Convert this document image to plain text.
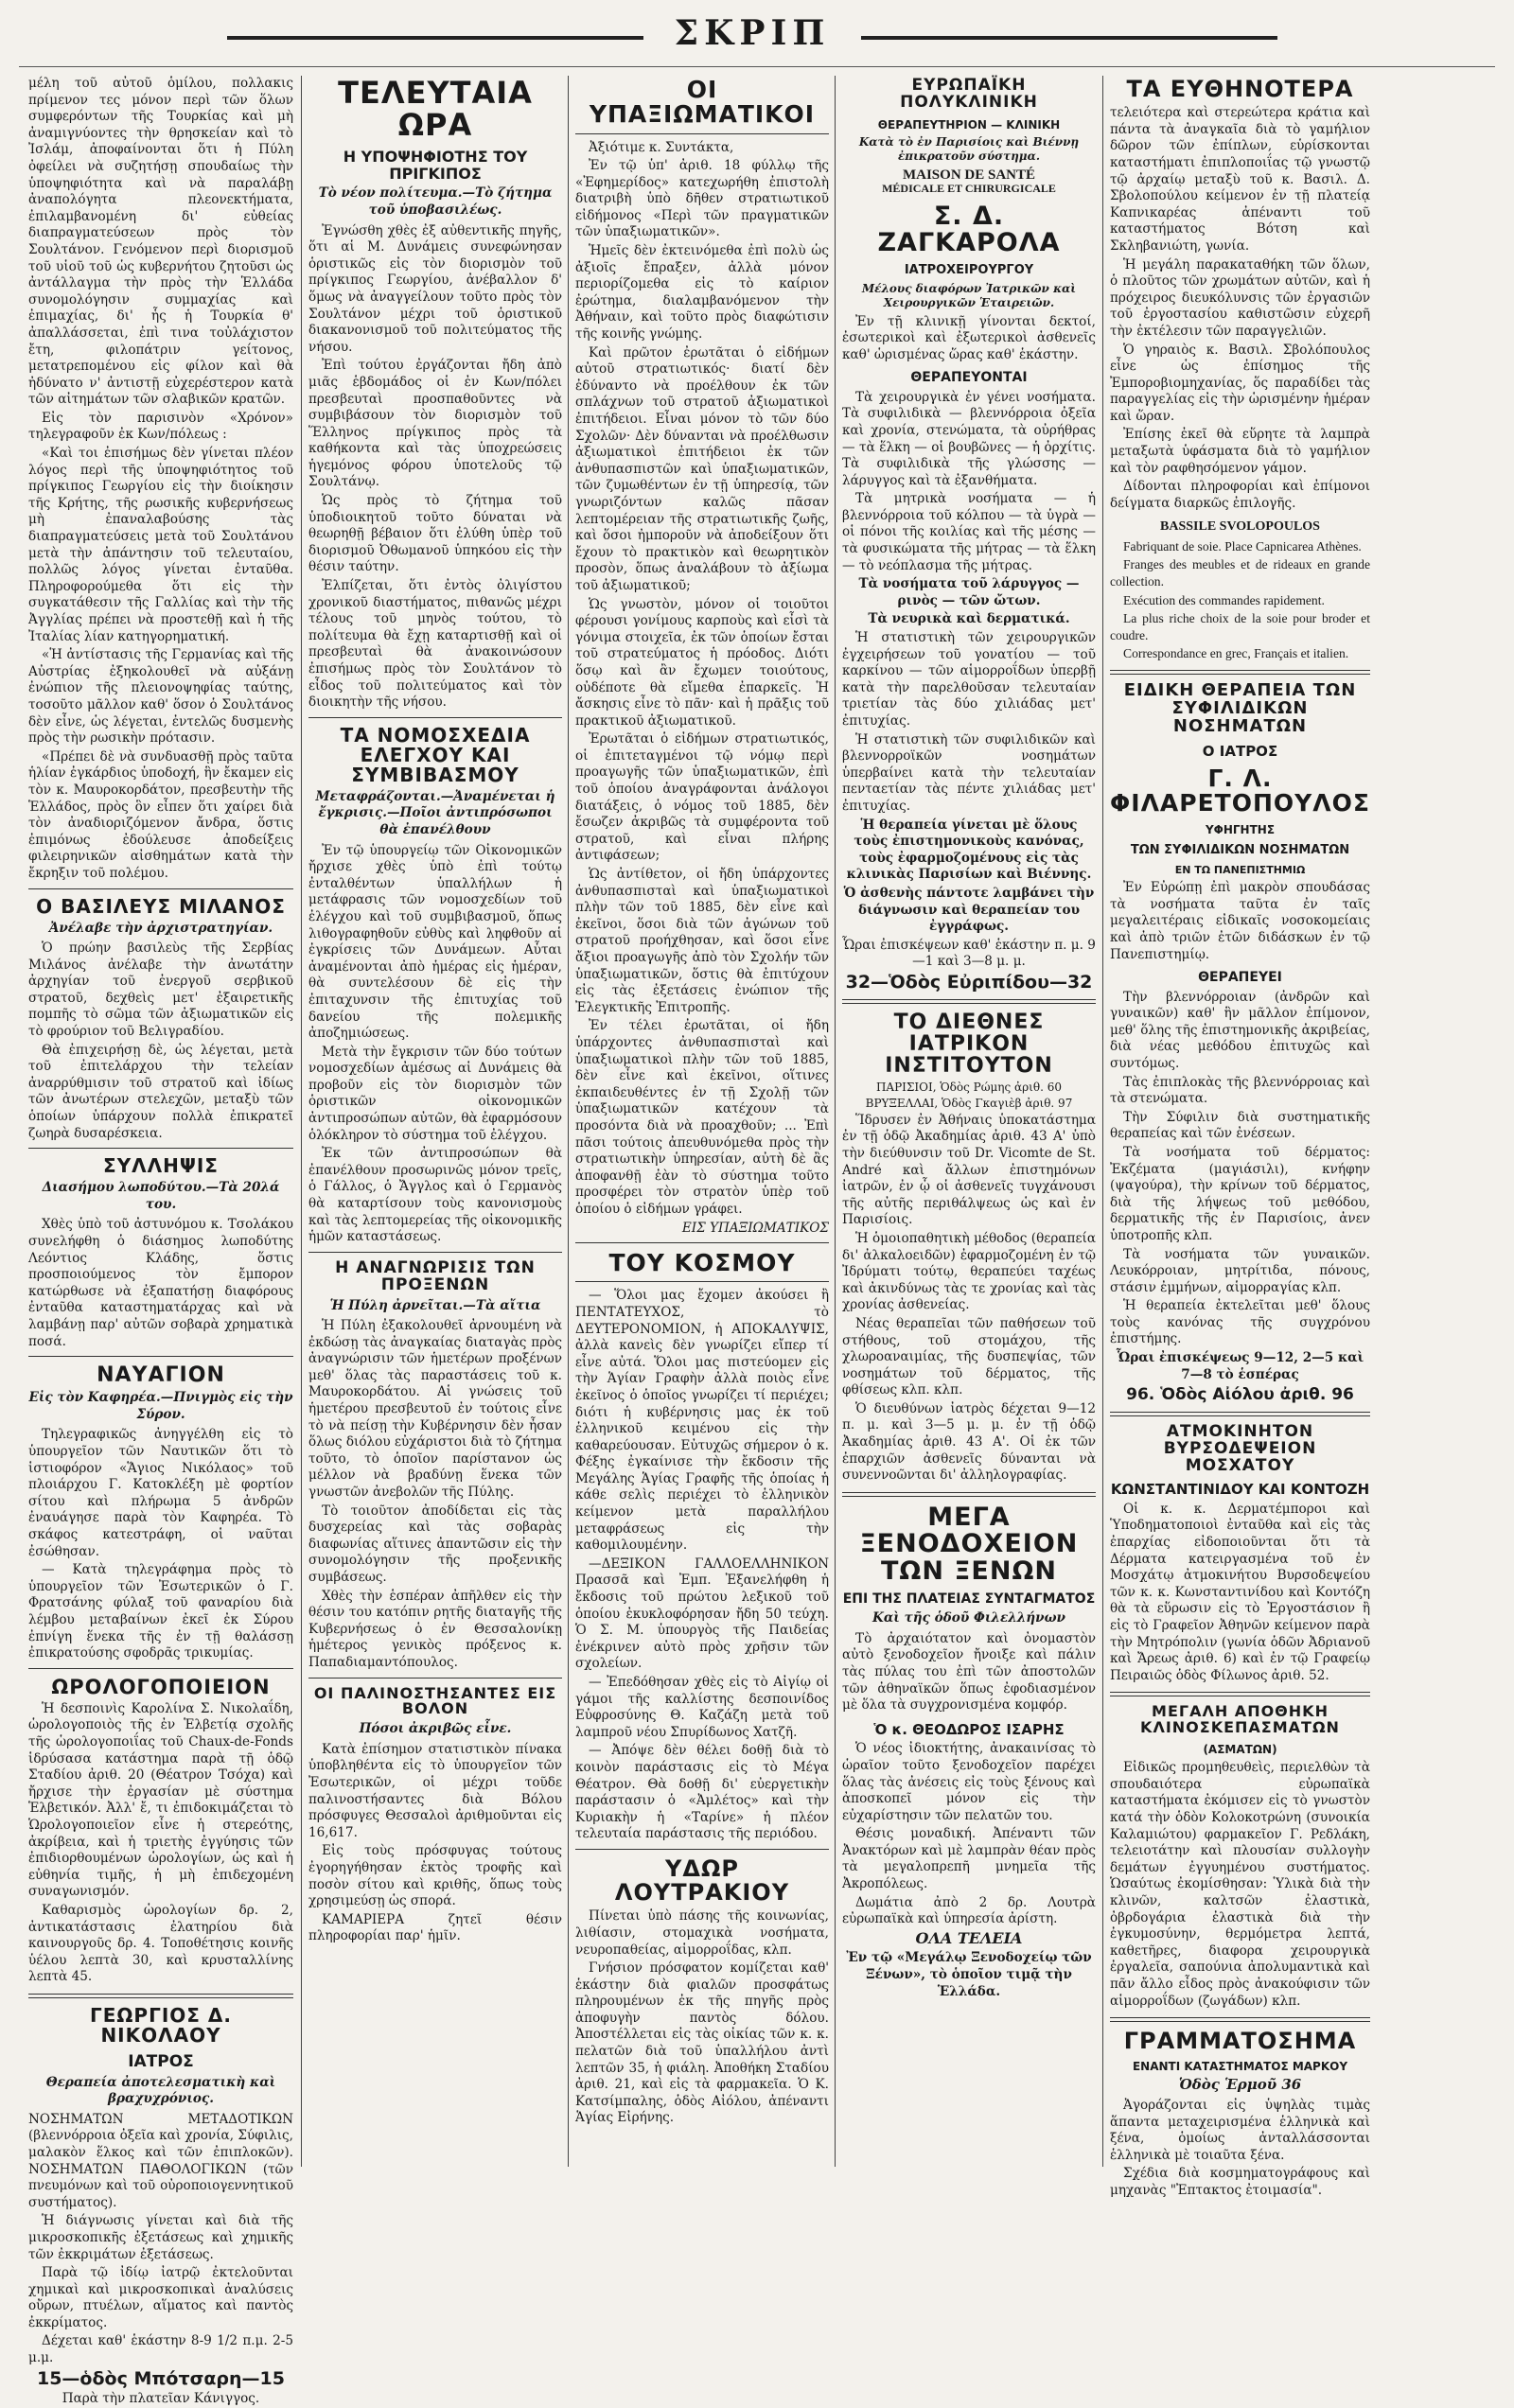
ΣΚΡΙΠ

μέλη τοῦ αὐτοῦ ὁμίλου, πολλακις πρίμενον τες μόνον περὶ τῶν ὅλων συμφερόντων τῆς Τουρκίας καὶ μὴ ἀναμιγνύοντες τὴν θρησκείαν καὶ τὸ Ἰσλάμ, ἀποφαίνονται ὅτι ἡ Πύλη ὀφείλει νὰ συζητήσῃ σπουδαίως τὴν ὑποψηφιότητα καὶ νὰ παραλάβῃ ἀναπολόγητα πλεονεκτήματα, ἐπιλαμβανομένη δι' εὐθείας διαπραγματεύσεων πρὸς τὸν Σουλτάνον. Γενόμενον περὶ διορισμοῦ τοῦ υἱοῦ τοῦ ὡς κυβερνήτου ζητοῦσι ὡς ἀντάλλαγμα τὴν πρὸς τὴν Ἑλλάδα συνομολόγησιν συμμαχίας καὶ ἐπιμαχίας, δι' ἧς ἡ Τουρκία θ' ἀπαλλάσσεται, ἐπὶ τινα τοὐλάχιστον ἔτη, φιλοπάτριν γείτονος, μετατρεπομένου εἰς φίλον καὶ θὰ ἠδύνατο ν' ἀντιστῇ εὐχερέστερον κατὰ τῶν αἰτημάτων τῶν σλαβικῶν κρατῶν.

Εἰς τὸν παρισινὸν «Χρόνον» τηλεγραφοῦν ἐκ Κων/πόλεως :

«Καὶ τοι ἐπισήμως δὲν γίνεται πλέον λόγος περὶ τῆς ὑποψηφιότητος τοῦ πρίγκιπος Γεωργίου εἰς τὴν διοίκησιν τῆς Κρήτης, τῆς ρωσικῆς κυβερνήσεως μὴ ἐπαναλαβούσης τὰς διαπραγματεύσεις μετὰ τοῦ Σουλτάνου μετὰ τὴν ἀπάντησιν τοῦ τελευταίου, πολλῶς λόγος γίνεται ἐνταῦθα. Πληροφορούμεθα ὅτι εἰς τὴν συγκατάθεσιν τῆς Γαλλίας καὶ τὴν τῆς Ἀγγλίας πρέπει νὰ προστεθῇ καὶ ἡ τῆς Ἰταλίας λίαν κατηγορηματική.

«Ἡ ἀντίστασις τῆς Γερμανίας καὶ τῆς Αὐστρίας ἐξηκολουθεῖ νὰ αὐξάνῃ ἐνώπιον τῆς πλειονοψηφίας ταύτης, τοσοῦτο μᾶλλον καθ' ὅσον ὁ Σουλτάνος δὲν εἶνε, ὡς λέγεται, ἐντελῶς δυσμενὴς πρὸς τὴν ρωσικὴν πρότασιν.

«Πρέπει δὲ νὰ συνδυασθῇ πρὸς ταῦτα ἡλίαν ἐγκάρδιος ὑποδοχή, ἣν ἔκαμεν εἰς τὸν κ. Μαυροκορδάτον, πρεσβευτὴν τῆς Ἑλλάδος, πρὸς ὃν εἶπεν ὅτι χαίρει διὰ τὸν ἀναδιοριζόμενον ἄνδρα, ὅστις ἐπιμόνως ἐδούλευσε ἀποδείξεις φιλειρηνικῶν αἰσθημάτων κατὰ τὴν ἔκρηξιν τοῦ πολέμου.

Ο ΒΑΣΙΛΕΥΣ ΜΙΛΑΝΟΣ
Ἀνέλαβε τὴν ἀρχιστρατηγίαν.

Ὁ πρώην βασιλεὺς τῆς Σερβίας Μιλάνος ἀνέλαβε τὴν ἀνωτάτην ἀρχηγίαν τοῦ ἐνεργοῦ σερβικοῦ στρατοῦ, δεχθεὶς μετ' ἐξαιρετικῆς πομπῆς τὸ σῶμα τῶν ἀξιωματικῶν εἰς τὸ φρούριον τοῦ Βελιγραδίου.

Θὰ ἐπιχειρήσῃ δὲ, ὡς λέγεται, μετὰ τοῦ ἐπιτελάρχου τὴν τελείαν ἀναρρύθμισιν τοῦ στρατοῦ καὶ ἰδίως τῶν ἀνωτέρων στελεχῶν, μεταξὺ τῶν ὁποίων ὑπάρχουν πολλὰ ἐπικρατεῖ ζωηρὰ δυσαρέσκεια.

ΣΥΛΛΗΨΙΣ
Διασήμου λωποδύτου.—Τὰ 20λά του.

Χθὲς ὑπὸ τοῦ ἀστυνόμου κ. Τσολάκου συνελήφθη ὁ διάσημος λωποδύτης Λεόντιος Κλάδης, ὅστις προσποιούμενος τὸν ἔμπορον κατώρθωσε νὰ ἐξαπατήσῃ διαφόρους ἐνταῦθα καταστηματάρχας καὶ νὰ λαμβάνῃ παρ' αὐτῶν σοβαρὰ χρηματικὰ ποσά.

ΝΑΥΑΓΙΟΝ
Εἰς τὸν Καφηρέα.—Πνιγμὸς εἰς τὴν Σύρον.

Τηλεγραφικῶς ἀνηγγέλθη εἰς τὸ ὑπουργεῖον τῶν Ναυτικῶν ὅτι τὸ ἱστιοφόρον «Ἅγιος Νικόλαος» τοῦ πλοιάρχου Γ. Κατοκλέξη μὲ φορτίον σίτου καὶ πλήρωμα 5 ἀνδρῶν ἐναυάγησε παρὰ τὸν Καφηρέα. Τὸ σκάφος κατεστράφη, οἱ ναῦται ἐσώθησαν.

— Κατὰ τηλεγράφημα πρὸς τὸ ὑπουργεῖον τῶν Ἐσωτερικῶν ὁ Γ. Φρατσάνης φύλαξ τοῦ φαναρίου διὰ λέμβου μεταβαίνων ἐκεῖ ἐκ Σύρου ἐπνίγη ἕνεκα τῆς ἐν τῇ θαλάσσῃ ἐπικρατούσης σφοδρᾶς τρικυμίας.

ΩΡΟΛΟΓΟΠΟΙΕΙΟΝ

Ἡ δεσποινὶς Καρολίνα Σ. Νικολαΐδη, ὡρολογοποιὸς τῆς ἐν Ἑλβετίᾳ σχολῆς τῆς ὡρολογοποιΐας τοῦ Chaux-de-Fonds ἱδρύσασα κατάστημα παρὰ τῇ ὁδῷ Σταδίου ἀριθ. 20 (Θέατρον Τσόχα) καὶ ἤρχισε τὴν ἐργασίαν μὲ σύστημα Ἑλβετικόν. Ἀλλ' ἔ, τι ἐπιδοκιμάζεται τὸ Ὡρολογοποιεῖον εἶνε ἡ στερεότης, ἀκρίβεια, καὶ ἡ τριετὴς ἐγγύησις τῶν ἐπιδιορθουμένων ὡρολογίων, ὡς καὶ ἡ εὐθηνία τιμῆς, ἡ μὴ ἐπιδεχομένη συναγωνισμόν.

Καθαρισμὸς ὡρολογίων δρ. 2, ἀντικατάστασις ἐλατηρίου διὰ καινουργοῦς δρ. 4. Τοποθέτησις κοινῆς ὑέλου λεπτὰ 30, καὶ κρυσταλλίνης λεπτὰ 45.

ΓΕΩΡΓΙΟΣ Δ. ΝΙΚΟΛΑΟΥ
ΙΑΤΡΟΣ
Θεραπεία ἀποτελεσματικὴ καὶ βραχυχρόνιος.

ΝΟΣΗΜΑΤΩΝ ΜΕΤΑΔΟΤΙΚΩΝ (βλεννόρροια ὀξεῖα καὶ χρονία, Σύφιλις, μαλακὸν ἕλκος καὶ τῶν ἐπιπλοκῶν). ΝΟΣΗΜΑΤΩΝ ΠΑΘΟΛΟΓΙΚΩΝ (τῶν πνευμόνων καὶ τοῦ οὐροποιογεννητικοῦ συστήματος).

Ἡ διάγνωσις γίνεται καὶ διὰ τῆς μικροσκοπικῆς ἐξετάσεως καὶ χημικῆς τῶν ἐκκριμάτων ἐξετάσεως.

Παρὰ τῷ ἰδίῳ ἰατρῷ ἐκτελοῦνται χημικαὶ καὶ μικροσκοπικαὶ ἀναλύσεις οὔρων, πτυέλων, αἵματος καὶ παντὸς ἐκκρίματος.

Δέχεται καθ' ἑκάστην 8-9 1/2 π.μ. 2-5 μ.μ.

15—ὁδὸς Μπότσαρη—15

Παρὰ τὴν πλατεῖαν Κάνιγγος.

ΤΕΛΕΥΤΑΙΑ ΩΡΑ
Η ΥΠΟΨΗΦΙΟΤΗΣ ΤΟΥ ΠΡΙΓΚΙΠΟΣ
Τὸ νέον πολίτευμα.—Τὸ ζήτημα τοῦ ὑποβασιλέως.

Ἐγνώσθη χθὲς ἐξ αὐθεντικῆς πηγῆς, ὅτι αἱ Μ. Δυνάμεις συνεφώνησαν ὁριστικῶς εἰς τὸν διορισμὸν τοῦ πρίγκιπος Γεωργίου, ἀνέβαλλον δ' ὅμως νὰ ἀναγγείλουν τοῦτο πρὸς τὸν Σουλτάνον μέχρι τοῦ ὁριστικοῦ διακανονισμοῦ τοῦ πολιτεύματος τῆς νήσου.

Ἐπὶ τούτου ἐργάζονται ἤδη ἀπὸ μιᾶς ἑβδομάδος οἱ ἐν Κων/πόλει πρεσβευταὶ προσπαθοῦντες νὰ συμβιβάσουν τὸν διορισμὸν τοῦ Ἕλληνος πρίγκιπος πρὸς τὰ καθήκοντα καὶ τὰς ὑποχρεώσεις ἡγεμόνος φόρου ὑποτελοῦς τῷ Σουλτάνῳ.

Ὡς πρὸς τὸ ζήτημα τοῦ ὑποδιοικητοῦ τοῦτο δύναται νὰ θεωρηθῇ βέβαιον ὅτι ἐλύθη ὑπὲρ τοῦ διορισμοῦ Ὀθωμανοῦ ὑπηκόου εἰς τὴν θέσιν ταύτην.

Ἐλπίζεται, ὅτι ἐντὸς ὀλιγίστου χρονικοῦ διαστήματος, πιθανῶς μέχρι τέλους τοῦ μηνὸς τούτου, τὸ πολίτευμα θὰ ἔχῃ καταρτισθῇ καὶ οἱ πρεσβευταὶ θὰ ἀνακοινώσουν ἐπισήμως πρὸς τὸν Σουλτάνον τὸ εἶδος τοῦ πολιτεύματος καὶ τὸν διοικητὴν τῆς νήσου.

ΤΑ ΝΟΜΟΣΧΕΔΙΑ ΕΛΕΓΧΟΥ ΚΑΙ ΣΥΜΒΙΒΑΣΜΟΥ
Μεταφράζονται.—Ἀναμένεται ἡ ἔγκρισις.—Ποῖοι ἀντιπρόσωποι θὰ ἐπανέλθουν

Ἐν τῷ ὑπουργείῳ τῶν Οἰκονομικῶν ἤρχισε χθὲς ὑπὸ ἐπὶ τούτῳ ἐνταλθέντων ὑπαλλήλων ἡ μετάφρασις τῶν νομοσχεδίων τοῦ ἐλέγχου καὶ τοῦ συμβιβασμοῦ, ὅπως λιθογραφηθοῦν εὐθὺς καὶ ληφθοῦν αἱ ἐγκρίσεις τῶν Δυνάμεων. Αὗται ἀναμένονται ἀπὸ ἡμέρας εἰς ἡμέραν, θὰ συντελέσουν δὲ εἰς τὴν ἐπιταχυνσιν τῆς ἐπιτυχίας τοῦ δανείου τῆς πολεμικῆς ἀποζημιώσεως.

Μετὰ τὴν ἔγκρισιν τῶν δύο τούτων νομοσχεδίων ἀμέσως αἱ Δυνάμεις θὰ προβοῦν εἰς τὸν διορισμὸν τῶν ὁριστικῶν οἰκονομικῶν ἀντιπροσώπων αὐτῶν, θὰ ἐφαρμόσουν ὁλόκληρον τὸ σύστημα τοῦ ἐλέγχου.

Ἐκ τῶν ἀντιπροσώπων θὰ ἐπανέλθουν προσωρινῶς μόνον τρεῖς, ὁ Γάλλος, ὁ Ἄγγλος καὶ ὁ Γερμανὸς θὰ καταρτίσουν τοὺς κανονισμοὺς καὶ τὰς λεπτομερείας τῆς οἰκονομικῆς ἡμῶν καταστάσεως.

Η ΑΝΑΓΝΩΡΙΣΙΣ ΤΩΝ ΠΡΟΞΕΝΩΝ
Ἡ Πύλη ἀρνεῖται.—Τὰ αἴτια

Ἡ Πύλη ἐξακολουθεῖ ἀρνουμένη νὰ ἐκδώσῃ τὰς ἀναγκαίας διαταγὰς πρὸς ἀναγνώρισιν τῶν ἡμετέρων προξένων μεθ' ὅλας τὰς παραστάσεις τοῦ κ. Μαυροκορδάτου. Αἱ γνώσεις τοῦ ἡμετέρου πρεσβευτοῦ ἐν τούτοις εἶνε τὸ νὰ πείσῃ τὴν Κυβέρνησιν δὲν ἦσαν ὅλως διόλου εὐχάριστοι διὰ τὸ ζήτημα τοῦτο, τὸ ὁποῖον παρίστανον ὡς μέλλον νὰ βραδύνῃ ἕνεκα τῶν γνωστῶν ἀνεβολῶν τῆς Πύλης.

Τὸ τοιοῦτον ἀποδίδεται εἰς τὰς δυσχερείας καὶ τὰς σοβαρὰς διαφωνίας αἵτινες ἀπαντῶσιν εἰς τὴν συνομολόγησιν τῆς προξενικῆς συμβάσεως.

Χθὲς τὴν ἑσπέραν ἀπῆλθεν εἰς τὴν θέσιν του κατόπιν ρητῆς διαταγῆς τῆς Κυβερνήσεως ὁ ἐν Θεσσαλονίκῃ ἡμέτερος γενικὸς πρόξενος κ. Παπαδιαμαντόπουλος.

ΟΙ ΠΑΛΙΝΟΣΤΗΣΑΝΤΕΣ ΕΙΣ ΒΟΛΟΝ
Πόσοι ἀκριβῶς εἶνε.

Κατὰ ἐπίσημον στατιστικὸν πίνακα ὑποβληθέντα εἰς τὸ ὑπουργεῖον τῶν Ἐσωτερικῶν, οἱ μέχρι τοῦδε παλινοστήσαντες διὰ Βόλου πρόσφυγες Θεσσαλοὶ ἀριθμοῦνται εἰς 16,617.

Εἰς τοὺς πρόσφυγας τούτους ἐγορηγήθησαν ἐκτὸς τροφῆς καὶ ποσὸν σίτου καὶ κριθῆς, ὅπως τοὺς χρησιμεύσῃ ὡς σπορά.

ΚΑΜΑΡΙΕΡΑ ζητεῖ θέσιν πληροφορίαι παρ' ἡμῖν.

ΟΙ ΥΠΑΞΙΩΜΑΤΙΚΟΙ

Ἀξιότιμε κ. Συντάκτα,

Ἐν τῷ ὑπ' ἀριθ. 18 φύλλῳ τῆς «Ἐφημερίδος» κατεχωρήθη ἐπιστολὴ διατριβὴ ὑπὸ δῆθεν στρατιωτικοῦ εἰδήμονος «Περὶ τῶν πραγματικῶν τῶν ὑπαξιωματικῶν».

Ἡμεῖς δὲν ἐκτεινόμεθα ἐπὶ πολὺ ὡς ἀξιοῖς ἔπραξεν, ἀλλὰ μόνον περιορίζομεθα εἰς τὸ καίριον ἐρώτημα, διαλαμβανόμενον τὴν Ἀθήναιν, καὶ τοῦτο πρὸς διαφώτισιν τῆς κοινῆς γνώμης.

Καὶ πρῶτον ἐρωτᾶται ὁ εἰδήμων αὐτοῦ στρατιωτικός· διατί δὲν ἐδύναντο νὰ προέλθουν ἐκ τῶν σπλάχνων τοῦ στρατοῦ ἀξιωματικοὶ ἐπιτήδειοι. Εἶναι μόνον τὸ τῶν δύο Σχολῶν· Δὲν δύνανται νὰ προέλθωσιν ἀξιωματικοὶ ἐπιτήδειοι ἐκ τῶν ἀνθυπασπιστῶν καὶ ὑπαξιωματικῶν, τῶν ζυμωθέντων ἐν τῇ ὑπηρεσίᾳ, τῶν γνωριζόντων καλῶς πᾶσαν λεπτομέρειαν τῆς στρατιωτικῆς ζωῆς, καὶ ὅσοι ἠμποροῦν νὰ ἀποδείξουν ὅτι ἔχουν τὸ πρακτικὸν καὶ θεωρητικὸν προσὸν, ὅπως ἀναλάβουν τὸ ἀξίωμα τοῦ ἀξιωματικοῦ;

Ὡς γνωστὸν, μόνον οἱ τοιοῦτοι φέρουσι γονίμους καρποὺς καὶ εἶσὶ τὰ γόνιμα στοιχεῖα, ἐκ τῶν ὁποίων ἔσται τοῦ στρατεύματος ἡ πρόοδος. Διότι ὅσῳ καὶ ἂν ἔχωμεν τοιούτους, οὐδέποτε θὰ εἴμεθα ἐπαρκεῖς. Ἡ ἄσκησις εἶνε τὸ πᾶν· καὶ ἡ πρᾶξις τοῦ πρακτικοῦ ἀξιωματικοῦ.

Ἐρωτᾶται ὁ εἰδήμων στρατιωτικός, οἱ ἐπιτεταγμένοι τῷ νόμῳ περὶ προαγωγῆς τῶν ὑπαξιωματικῶν, ἐπὶ τοῦ ὁποίου ἀναγράφονται ἀνάλογοι διατάξεις, ὁ νόμος τοῦ 1885, δὲν ἔσωζεν ἀκριβῶς τὰ συμφέροντα τοῦ στρατοῦ, καὶ εἶναι πλήρης ἀντιφάσεων;

Ὡς ἀντίθετον, οἱ ἤδη ὑπάρχοντες ἀνθυπασπισταὶ καὶ ὑπαξιωματικοὶ πλὴν τῶν τοῦ 1885, δὲν εἶνε καὶ ἐκεῖνοι, ὅσοι διὰ τῶν ἀγώνων τοῦ στρατοῦ προήχθησαν, καὶ ὅσοι εἶνε ἄξιοι προαγωγῆς ἀπὸ τὸν Σχολήν τῶν ὑπαξιωματικῶν, ὅστις θὰ ἐπιτύχουν εἰς τὰς ἐξετάσεις ἐνώπιον τῆς Ἐλεγκτικῆς Ἐπιτροπῆς.

Ἐν τέλει ἐρωτᾶται, οἱ ἤδη ὑπάρχοντες ἀνθυπασπισταὶ καὶ ὑπαξιωματικοὶ πλὴν τῶν τοῦ 1885, δὲν εἶνε καὶ ἐκεῖνοι, οἵτινες ἐκπαιδευθέντες ἐν τῇ Σχολῇ τῶν ὑπαξιωματικῶν κατέχουν τὰ προσόντα διὰ νὰ προαχθοῦν; ... Ἐπὶ πᾶσι τούτοις ἀπευθυνόμεθα πρὸς τὴν στρατιωτικὴν ὑπηρεσίαν, αὐτὴ δὲ ἂς ἀποφανθῇ ἐὰν τὸ σύστημα τοῦτο προσφέρει τὸν στρατὸν ὑπὲρ τοῦ ὁποίου ὁ εἰδήμων γράφει.

ΕΙΣ ΥΠΑΞΙΩΜΑΤΙΚΟΣ

ΤΟΥ ΚΟΣΜΟΥ

— Ὅλοι μας ἔχομεν ἀκούσει ἢ ΠΕΝΤΑΤΕΥΧΟΣ, τὸ ΔΕΥΤΕΡΟΝΟΜΙΟΝ, ἡ ΑΠΟΚΑΛΥΨΙΣ, ἀλλὰ κανεὶς δὲν γνωρίζει εἴπερ τί εἶνε αὐτά. Ὅλοι μας πιστεύομεν εἰς τὴν Ἁγίαν Γραφὴν ἀλλὰ ποιὸς εἶνε ἐκεῖνος ὁ ὁποῖος γνωρίζει τί περιέχει; διότι ἡ κυβέρνησις μας ἐκ τοῦ ἑλληνικοῦ κειμένου εἰς τὴν καθαρεύουσαν. Εὐτυχῶς σήμερον ὁ κ. Φέξης ἐγκαίνισε τὴν ἔκδοσιν τῆς Μεγάλης Ἁγίας Γραφῆς τῆς ὁποίας ἡ κάθε σελὶς περιέχει τὸ ἑλληνικὸν κείμενον μετὰ παραλλήλου μεταφράσεως εἰς τὴν καθομιλουμένην.

—ΔΕΞΙΚΟΝ ΓΑΛΛΟΕΛΛΗΝΙΚΟΝ Πρασσᾶ καὶ Ἐμπ. Ἐξανελήφθη ἡ ἔκδοσις τοῦ πρώτου λεξικοῦ τοῦ ὁποίου ἐκυκλοφόρησαν ἤδη 50 τεύχη. Ὁ Σ. Μ. ὑπουργὸς τῆς Παιδείας ἐνέκρινεν αὐτὸ πρὸς χρῆσιν τῶν σχολείων.

— Ἐπεδόθησαν χθὲς εἰς τὸ Αἰγίῳ οἱ γάμοι τῆς καλλίστης δεσποινίδος Εὐφροσύνης Θ. Καζάζη μετὰ τοῦ λαμπροῦ νέου Σπυρίδωνος Χατζῆ.

— Ἀπόψε δὲν θέλει δοθῇ διὰ τὸ κοινὸν παράστασις εἰς τὸ Μέγα Θέατρον. Θὰ δοθῇ δι' εὐεργετικὴν παράστασιν ὁ «Ἀμλέτος» καὶ τὴν Κυριακὴν ἡ «Ταρίνε» ἡ πλέον τελευταία παράστασις τῆς περιόδου.

ΥΔΩΡ ΛΟΥΤΡΑΚΙΟΥ

Πίνεται ὑπὸ πάσης τῆς κοινωνίας, λιθίασιν, στομαχικὰ νοσήματα, νευροπαθείας, αἱμορροΐδας, κλπ.

Γνήσιον πρόσφατον κομίζεται καθ' ἑκάστην διὰ φιαλῶν προσφάτως πληρουμένων ἐκ τῆς πηγῆς πρὸς ἀποφυγὴν παντὸς δόλου. Ἀποστέλλεται εἰς τὰς οἰκίας τῶν κ. κ. πελατῶν διὰ τοῦ ὑπαλλήλου ἀντὶ λεπτῶν 35, ἡ φιάλη. Ἀποθήκη Σταδίου ἀριθ. 21, καὶ εἰς τὰ φαρμακεῖα. Ὁ Κ. Κατσίμπαλης, ὁδὸς Αἰόλου, ἀπέναντι Ἁγίας Εἰρήνης.

ΕΥΡΩΠΑΪΚΗ ΠΟΛΥΚΛΙΝΙΚΗ
ΘΕΡΑΠΕΥΤΗΡΙΟΝ — ΚΛΙΝΙΚΗ
Κατὰ τὸ ἐν Παρισίοις καὶ Βιέννῃ ἐπικρατοῦν σύστημα.
MAISON DE SANTÉ
MÉDICALE ET CHIRURGICALE
Σ. Δ. ΖΑΓΚΑΡΟΛΑ
ΙΑΤΡΟΧΕΙΡΟΥΡΓΟΥ
Μέλους διαφόρων Ἰατρικῶν καὶ Χειρουργικῶν Ἑταιρειῶν.

Ἐν τῇ κλινικῇ γίνονται δεκτοί, ἐσωτερικοὶ καὶ ἐξωτερικοὶ ἀσθενεῖς καθ' ὡρισμένας ὥρας καθ' ἑκάστην.

ΘΕΡΑΠΕΥΟΝΤΑΙ

Τὰ χειρουργικὰ ἐν γένει νοσήματα. Τὰ συφιλιδικὰ — βλεννόρροια ὀξεῖα καὶ χρονία, στενώματα, τὰ οὐρήθρας — τὰ ἕλκη — οἱ βουβῶνες — ἡ ὀρχίτις. Τὰ συφιλιδικὰ τῆς γλώσσης — λάρυγγος καὶ τὰ ἐξανθήματα.

Τὰ μητρικὰ νοσήματα — ἡ βλεννόρροια τοῦ κόλπου — τὰ ὑγρὰ — οἱ πόνοι τῆς κοιλίας καὶ τῆς μέσης — τὰ φυσικώματα τῆς μήτρας — τὰ ἕλκη — τὸ νεόπλασμα τῆς μήτρας.

Τὰ νοσήματα τοῦ λάρυγγος — ρινὸς — τῶν ὤτων.

Τὰ νευρικὰ καὶ δερματικά.

Ἡ στατιστικὴ τῶν χειρουργικῶν ἐγχειρήσεων τοῦ γονατίου — τοῦ καρκίνου — τῶν αἱμορροΐδων ὑπερβῇ κατὰ τὴν παρελθοῦσαν τελευταίαν τριετίαν τὰς δύο χιλιάδας μετ' ἐπιτυχίας.

Ἡ στατιστικὴ τῶν συφιλιδικῶν καὶ βλεννορροϊκῶν νοσημάτων ὑπερβαίνει κατὰ τὴν τελευταίαν πενταετίαν τὰς πέντε χιλιάδας μετ' ἐπιτυχίας.

Ἡ θεραπεία γίνεται μὲ ὅλους τοὺς ἐπιστημονικοὺς κανόνας, τοὺς ἐφαρμοζομένους εἰς τὰς κλινικὰς Παρισίων καὶ Βιέννης.

Ὁ ἀσθενὴς πάντοτε λαμβάνει τὴν διάγνωσιν καὶ θεραπείαν του ἐγγράφως.

Ὧραι ἐπισκέψεων καθ' ἑκάστην π. μ. 9—1 καὶ 3—8 μ. μ.

32—Ὁδὸς Εὐριπίδου—32
ΤΟ ΔΙΕΘΝΕΣ ΙΑΤΡΙΚΟΝ ΙΝΣΤΙΤΟΥΤΟΝ

ΠΑΡΙΣΙΟΙ, Ὁδὸς Ρώμης ἀριθ. 60

ΒΡΥΞΕΛΛΑΙ, Ὁδὸς Γκαγιὲβ ἀριθ. 97

Ἵδρυσεν ἐν Ἀθήναις ὑποκατάστημα ἐν τῇ ὁδῷ Ἀκαδημίας ἀριθ. 43 Α' ὑπὸ τὴν διεύθυνσιν τοῦ Dr. Vicomte de St. André καὶ ἄλλων ἐπιστημόνων ἰατρῶν, ἐν ᾧ οἱ ἀσθενεῖς τυγχάνουσι τῆς αὐτῆς περιθάλψεως ὡς καὶ ἐν Παρισίοις.

Ἡ ὁμοιοπαθητικὴ μέθοδος (θεραπεία δι' ἀλκαλοειδῶν) ἐφαρμοζομένη ἐν τῷ Ἰδρύματι τούτῳ, θεραπεύει ταχέως καὶ ἀκινδύνως τὰς τε χρονίας καὶ τὰς χρονίας ἀσθενείας.

Νέας θεραπεῖαι τῶν παθήσεων τοῦ στήθους, τοῦ στομάχου, τῆς χλωροαναιμίας, τῆς δυσπεψίας, τῶν νοσημάτων τοῦ δέρματος, τῆς φθίσεως κλπ. κλπ.

Ὁ διευθύνων ἰατρὸς δέχεται 9—12 π. μ. καὶ 3—5 μ. μ. ἐν τῇ ὁδῷ Ἀκαδημίας ἀριθ. 43 Α'. Οἱ ἐκ τῶν ἐπαρχιῶν ἀσθενεῖς δύνανται νὰ συνεννοῶνται δι' ἀλληλογραφίας.

ΜΕΓΑ ΞΕΝΟΔΟΧΕΙΟΝ ΤΩΝ ΞΕΝΩΝ
ΕΠΙ ΤΗΣ ΠΛΑΤΕΙΑΣ ΣΥΝΤΑΓΜΑΤΟΣ
Καὶ τῆς ὁδοῦ Φιλελλήνων

Τὸ ἀρχαιότατον καὶ ὀνομαστὸν αὐτὸ ξενοδοχεῖον ἤνοιξε καὶ πάλιν τὰς πύλας του ἐπὶ τῶν ἀποστολῶν τῶν ἀθηναϊκῶν ὅπως ἐφοδιασμένον μὲ ὅλα τὰ συγχρονισμένα κομφόρ.

Ὁ κ. ΘΕΟΔΩΡΟΣ ΙΣΑΡΗΣ

Ὁ νέος ἰδιοκτήτης, ἀνακαινίσας τὸ ὡραῖον τοῦτο ξενοδοχεῖον παρέχει ὅλας τὰς ἀνέσεις εἰς τοὺς ξένους καὶ ἀποσκοπεῖ μόνον εἰς τὴν εὐχαρίστησιν τῶν πελατῶν του.

Θέσις μοναδική. Ἀπέναντι τῶν Ἀνακτόρων καὶ μὲ λαμπρὰν θέαν πρὸς τὰ μεγαλοπρεπῆ μνημεῖα τῆς Ἀκροπόλεως.

Δωμάτια ἀπὸ 2 δρ. Λουτρὰ εὐρωπαϊκὰ καὶ ὑπηρεσία ἀρίστη.

ΟΛΑ ΤΕΛΕΙΑ

Ἐν τῷ «Μεγάλῳ Ξενοδοχείῳ τῶν Ξένων», τὸ ὁποῖον τιμᾷ τὴν Ἑλλάδα.

ΤΑ ΕΥΘΗΝΟΤΕΡΑ

τελειότερα καὶ στερεώτερα κράτια καὶ πάντα τὰ ἀναγκαῖα διὰ τὸ γαμήλιον δῶρον τῶν ἐπίπλων, εὑρίσκονται καταστήματι ἐπιπλοποιΐας τῷ γνωστῷ τῷ ἀρχαίῳ μεταξὺ τοῦ κ. Βασιλ. Δ. Σβολοπούλου κείμενον ἐν τῇ πλατείᾳ Καπνικαρέας ἀπέναντι τοῦ καταστήματος Βότση καὶ Σκληβανιώτη, γωνία.

Ἡ μεγάλη παρακαταθήκη τῶν ὅλων, ὁ πλοῦτος τῶν χρωμάτων αὐτῶν, καὶ ἡ πρόχειρος διευκόλυνσις τῶν ἐργασιῶν τοῦ ἐργοστασίου καθιστῶσιν εὐχερῆ τὴν ἐκτέλεσιν τῶν παραγγελιῶν.

Ὁ γηραιὸς κ. Βασιλ. Σβολόπουλος εἶνε ὡς ἐπίσημος τῆς Ἐμποροβιομηχανίας, ὅς παραδίδει τὰς παραγγελίας εἰς τὴν ὡρισμένην ἡμέραν καὶ ὥραν.

Ἐπίσης ἐκεῖ θὰ εὕρητε τὰ λαμπρὰ μεταξωτὰ ὑφάσματα διὰ τὸ γαμήλιον καὶ τὸν ραφθησόμενον γάμον.

Δίδονται πληροφορίαι καὶ ἐπίμονοι δείγματα διαρκῶς ἐπιλογῆς.

BASSILE SVOLOPOULOS

Fabriquant de soie. Place Capnicarea Athènes.

Franges des meubles et de rideaux en grande collection.

Exécution des commandes rapidement.

La plus riche choix de la soie pour broder et coudre.

Correspondance en grec, Français et italien.

ΕΙΔΙΚΗ ΘΕΡΑΠΕΙΑ ΤΩΝ ΣΥΦΙΛΙΔΙΚΩΝ ΝΟΣΗΜΑΤΩΝ
Ο ΙΑΤΡΟΣ
Γ. Λ. ΦΙΛΑΡΕΤΟΠΟΥΛΟΣ
ΥΦΗΓΗΤΗΣ
ΤΩΝ ΣΥΦΙΛΙΔΙΚΩΝ ΝΟΣΗΜΑΤΩΝ
ΕΝ ΤΩ ΠΑΝΕΠΙΣΤΗΜΙΩ

Ἐν Εὐρώπῃ ἐπὶ μακρὸν σπουδάσας τὰ νοσήματα ταῦτα ἐν ταῖς μεγαλειτέραις εἰδικαῖς νοσοκομείαις καὶ ἀπὸ τριῶν ἐτῶν διδάσκων ἐν τῷ Πανεπιστημίῳ.

ΘΕΡΑΠΕΥΕΙ

Τὴν βλεννόρροιαν (ἀνδρῶν καὶ γυναικῶν) καθ' ἣν μᾶλλον ἐπίμονον, μεθ' ὅλης τῆς ἐπιστημονικῆς ἀκριβείας, διὰ νέας μεθόδου ἐπιτυχῶς καὶ συντόμως.

Τὰς ἐπιπλοκὰς τῆς βλεννόρροιας καὶ τὰ στενώματα.

Τὴν Σύφιλιν διὰ συστηματικῆς θεραπείας καὶ τῶν ἐνέσεων.

Τὰ νοσήματα τοῦ δέρματος: Ἐκζέματα (μαγιάσιλι), κνήφην (ψαγούρα), τὴν κρίνων τοῦ δέρματος, διὰ τῆς λήψεως τοῦ μεθόδου, δερματικῆς τῆς ἐν Παρισίοις, ἀνεν ὑποτροπῆς κλπ.

Τὰ νοσήματα τῶν γυναικῶν. Λευκόρροιαν, μητρίτιδα, πόνους, στάσιν ἐμμήνων, αἱμορραγίας κλπ.

Ἡ θεραπεία ἐκτελεῖται μεθ' ὅλους τοὺς κανόνας τῆς συγχρόνου ἐπιστήμης.

Ὧραι ἐπισκέψεως 9—12, 2—5 καὶ 7—8 τὸ ἑσπέρας

96. Ὁδὸς Αἰόλου ἀριθ. 96
ΑΤΜΟΚΙΝΗΤΟΝ ΒΥΡΣΟΔΕΨΕΙΟΝ ΜΟΣΧΑΤΟΥ
ΚΩΝΣΤΑΝΤΙΝΙΔΟΥ ΚΑΙ ΚΟΝΤΟΖΗ

Οἱ κ. κ. Δερματέμποροι καὶ Ὑποδηματοποιοὶ ἐνταῦθα καὶ εἰς τὰς ἐπαρχίας εἰδοποιοῦνται ὅτι τὰ Δέρματα κατειργασμένα τοῦ ἐν Μοσχάτῳ ἀτμοκινήτου Βυρσοδεψείου τῶν κ. κ. Κωνσταντινίδου καὶ Κοντόζη θὰ τὰ εὕρωσιν εἰς τὸ Ἐργοστάσιον ἢ εἰς τὸ Γραφεῖον Ἀθηνῶν κείμενον παρὰ τὴν Μητρόπολιν (γωνία ὁδῶν Ἀδριανοῦ καὶ Ἄρεως ἀριθ. 6) καὶ ἐν τῷ Γραφείῳ Πειραιῶς ὁδὸς Φίλωνος ἀριθ. 52.

ΜΕΓΑΛΗ ΑΠΟΘΗΚΗ ΚΛΙΝΟΣΚΕΠΑΣΜΑΤΩΝ
(ΑΣΜΑΤΩΝ)

Εἰδικῶς προμηθευθεὶς, περιελθὼν τὰ σπουδαιότερα εὐρωπαϊκὰ καταστήματα ἐκόμισεν εἰς τὸ γνωστὸν κατά τὴν ὁδὸν Κολοκοτρώνη (συνοικία Καλαμιώτου) φαρμακεῖον Γ. Ρεδλάκη, τελειοτάτην καὶ πλουσίαν συλλογὴν δεμάτων ἐγγυημένου συστήματος. Ὡσαύτως ἐκομίσθησαν: Ὑλικὰ διὰ τὴν κλινῶν, καλτσῶν ἐλαστικὰ, ὀβρδογάρια ἐλαστικὰ διὰ τὴν ἐγκυμοσύνην, θερμόμετρα λεπτά, καθετῆρες, διαφορα χειρουργικὰ ἐργαλεῖα, σαπούνια ἀπολυμαντικὰ καὶ πᾶν ἄλλο εἶδος πρὸς ἀνακούφισιν τῶν αἱμορροΐδων (ζωγάδων) κλπ.

ΓΡΑΜΜΑΤΟΣΗΜΑ
ΕΝΑΝΤΙ ΚΑΤΑΣΤΗΜΑΤΟΣ ΜΑΡΚΟΥ
Ὁδὸς Ἑρμοῦ 36

Ἀγοράζονται εἰς ὑψηλὰς τιμὰς ἅπαντα μεταχειρισμένα ἑλληνικὰ καὶ ξένα, ὁμοίως ἀνταλλάσσονται ἑλληνικὰ μὲ τοιαῦτα ξένα.

Σχέδια διὰ κοσμηματογράφους καὶ μηχανὰς "Ἐπτακτος ἐτοιμασία".
